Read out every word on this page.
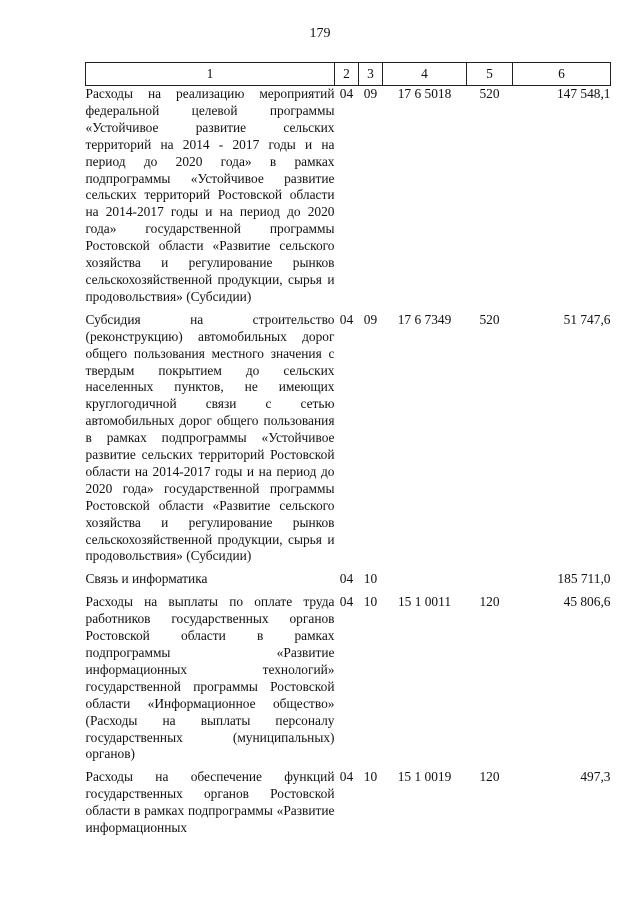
179
1	2	3	4	5	6
Расходы на реализацию мероприятий федеральной целевой программы «Устойчивое развитие сельских территорий на 2014 - 2017 годы и на период до 2020 года» в рамках подпрограммы «Устойчивое развитие сельских территорий Ростовской области на 2014-2017 годы и на период до 2020 года» государственной программы Ростовской области «Развитие сельского хозяйства и регулирование рынков сельскохозяйственной продукции, сырья и продовольствия» (Субсидии)	04	09	17 6 5018	520	147 548,1
Субсидия на строительство (реконструкцию) автомобильных дорог общего пользования местного значения с твердым покрытием до сельских населенных пунктов, не имеющих круглогодичной связи с сетью автомобильных дорог общего пользования в рамках подпрограммы «Устойчивое развитие сельских территорий Ростовской области на 2014-2017 годы и на период до 2020 года» государственной программы Ростовской области «Развитие сельского хозяйства и регулирование рынков сельскохозяйственной продукции, сырья и продовольствия» (Субсидии)	04	09	17 6 7349	520	51 747,6
Связь и информатика	04	10			185 711,0
Расходы на выплаты по оплате труда работников государственных органов Ростовской области в рамках подпрограммы «Развитие информационных технологий» государственной программы Ростовской области «Информационное общество» (Расходы на выплаты персоналу государственных (муниципальных) органов)	04	10	15 1 0011	120	45 806,6
Расходы на обеспечение функций государственных органов Ростовской области в рамках подпрограммы «Развитие информационных	04	10	15 1 0019	120	497,3
